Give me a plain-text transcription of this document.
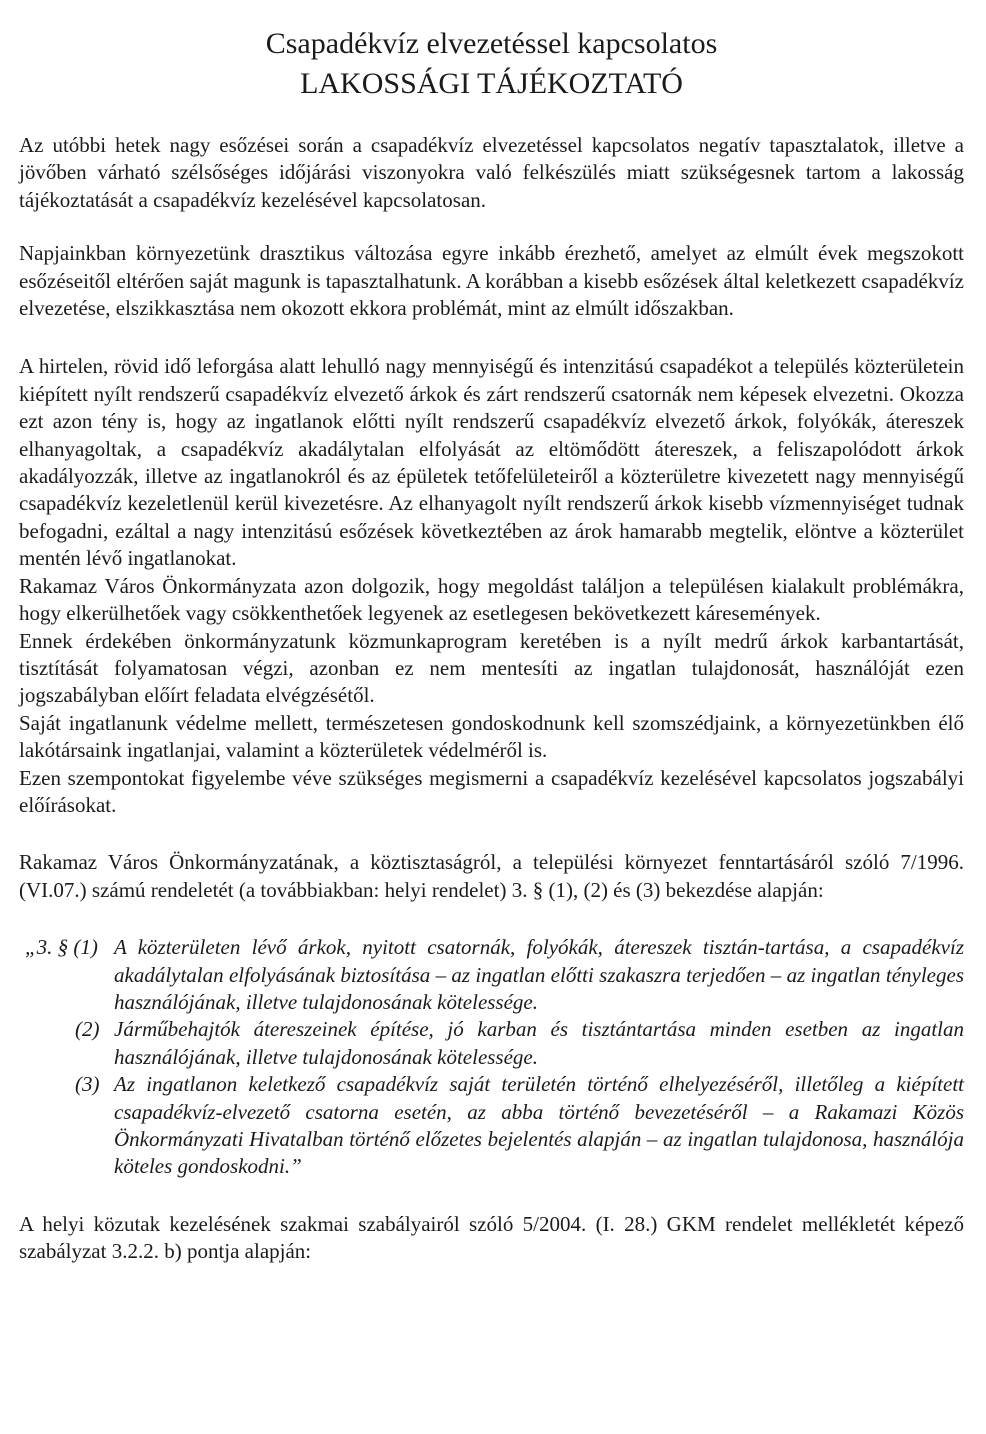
Csapadékvíz elvezetéssel kapcsolatos
LAKOSSÁGI TÁJÉKOZTATÓ
Az utóbbi hetek nagy esőzései során a csapadékvíz elvezetéssel kapcsolatos negatív tapasztalatok, illetve a jövőben várható szélsőséges időjárási viszonyokra való felkészülés miatt szükségesnek tartom a lakosság tájékoztatását a csapadékvíz kezelésével kapcsolatosan.
Napjainkban környezetünk drasztikus változása egyre inkább érezhető, amelyet az elmúlt évek megszokott esőzéseitől eltérően saját magunk is tapasztalhatunk. A korábban a kisebb esőzések által keletkezett csapadékvíz elvezetése, elszikkasztása nem okozott ekkora problémát, mint az elmúlt időszakban.
A hirtelen, rövid idő leforgása alatt lehulló nagy mennyiségű és intenzitású csapadékot a település közterületein kiépített nyílt rendszerű csapadékvíz elvezető árkok és zárt rendszerű csatornák nem képesek elvezetni. Okozza ezt azon tény is, hogy az ingatlanok előtti nyílt rendszerű csapadékvíz elvezető árkok, folyókák, átereszek elhanyagoltak, a csapadékvíz akadálytalan elfolyását az eltömődött átereszek, a feliszapolódott árkok akadályozzák, illetve az ingatlanokról és az épületek tetőfelületeiről a közterületre kivezetett nagy mennyiségű csapadékvíz kezeletlenül kerül kivezetésre. Az elhanyagolt nyílt rendszerű árkok kisebb vízmennyiséget tudnak befogadni, ezáltal a nagy intenzitású esőzések következtében az árok hamarabb megtelik, elöntve a közterület mentén lévő ingatlanokat.
Rakamaz Város Önkormányzata azon dolgozik, hogy megoldást találjon a településen kialakult problémákra, hogy elkerülhetőek vagy csökkenthetőek legyenek az esetlegesen bekövetkezett káresemények.
Ennek érdekében önkormányzatunk közmunkaprogram keretében is a nyílt medrű árkok karbantartását, tisztítását folyamatosan végzi, azonban ez nem mentesíti az ingatlan tulajdonosát, használóját ezen jogszabályban előírt feladata elvégzésétől.
Saját ingatlanunk védelme mellett, természetesen gondoskodnunk kell szomszédjaink, a környezetünkben élő lakótársaink ingatlanjai, valamint a közterületek védelméről is.
Ezen szempontokat figyelembe véve szükséges megismerni a csapadékvíz kezelésével kapcsolatos jogszabályi előírásokat.
Rakamaz Város Önkormányzatának, a köztisztaságról, a települési környezet fenntartásáról szóló 7/1996. (VI.07.) számú rendeletét (a továbbiakban: helyi rendelet) 3. § (1), (2) és (3) bekezdése alapján:
„3. § (1) A közterületen lévő árkok, nyitott csatornák, folyókák, átereszek tisztán-tartása, a csapadékvíz akadálytalan elfolyásának biztosítása – az ingatlan előtti szakaszra terjedően – az ingatlan tényleges használójának, illetve tulajdonosának kötelessége.
(2) Járműbehajtók átereszeinek építése, jó karban és tisztántartása minden esetben az ingatlan használójának, illetve tulajdonosának kötelessége.
(3) Az ingatlanon keletkező csapadékvíz saját területén történő elhelyezéséről, illetőleg a kiépített csapadékvíz-elvezető csatorna esetén, az abba történő bevezetéséről – a Rakamazi Közös Önkormányzati Hivatalban történő előzetes bejelentés alapján – az ingatlan tulajdonosa, használója köteles gondoskodni.”
A helyi közutak kezelésének szakmai szabályairól szóló 5/2004. (I. 28.) GKM rendelet mellékletét képező szabályzat 3.2.2. b) pontja alapján:
